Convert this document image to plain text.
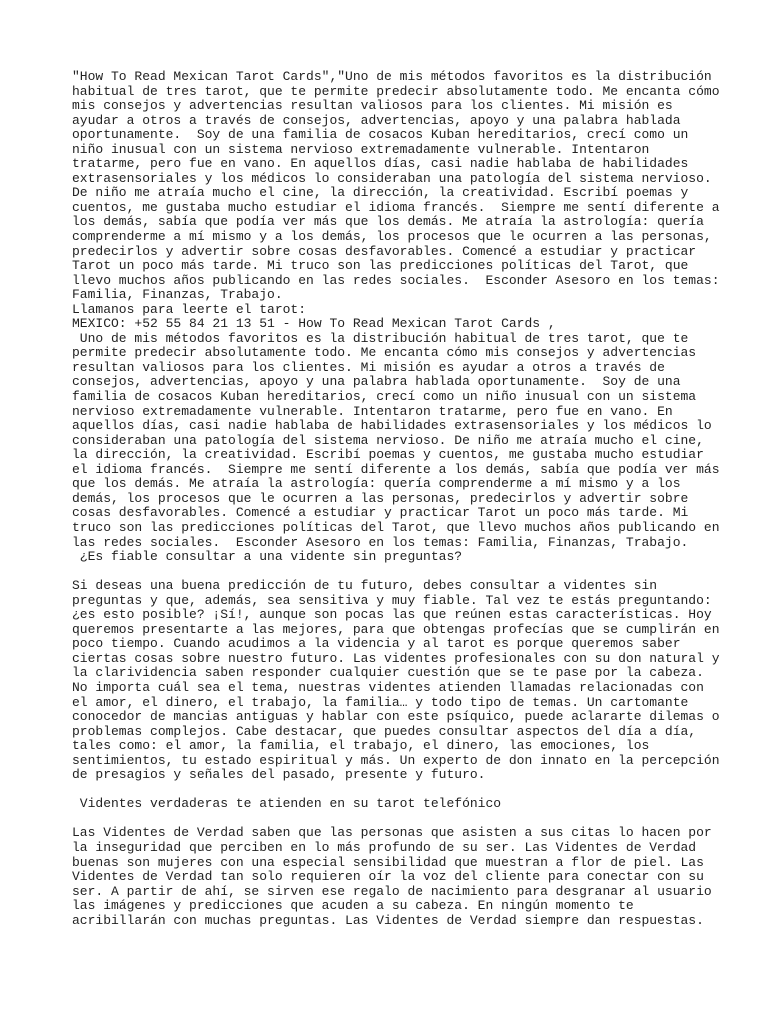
"How To Read Mexican Tarot Cards","Uno de mis métodos favoritos es la distribución
habitual de tres tarot, que te permite predecir absolutamente todo. Me encanta cómo
mis consejos y advertencias resultan valiosos para los clientes. Mi misión es
ayudar a otros a través de consejos, advertencias, apoyo y una palabra hablada
oportunamente.  Soy de una familia de cosacos Kuban hereditarios, crecí como un
niño inusual con un sistema nervioso extremadamente vulnerable. Intentaron
tratarme, pero fue en vano. En aquellos días, casi nadie hablaba de habilidades
extrasensoriales y los médicos lo consideraban una patología del sistema nervioso.
De niño me atraía mucho el cine, la dirección, la creatividad. Escribí poemas y
cuentos, me gustaba mucho estudiar el idioma francés.  Siempre me sentí diferente a
los demás, sabía que podía ver más que los demás. Me atraía la astrología: quería
comprenderme a mí mismo y a los demás, los procesos que le ocurren a las personas,
predecirlos y advertir sobre cosas desfavorables. Comencé a estudiar y practicar
Tarot un poco más tarde. Mi truco son las predicciones políticas del Tarot, que
llevo muchos años publicando en las redes sociales.  Esconder Asesoro en los temas:
Familia, Finanzas, Trabajo.
Llamanos para leerte el tarot:
MEXICO: +52 55 84 21 13 51 - How To Read Mexican Tarot Cards ,
Uno de mis métodos favoritos es la distribución habitual de tres tarot, que te
permite predecir absolutamente todo. Me encanta cómo mis consejos y advertencias
resultan valiosos para los clientes. Mi misión es ayudar a otros a través de
consejos, advertencias, apoyo y una palabra hablada oportunamente.  Soy de una
familia de cosacos Kuban hereditarios, crecí como un niño inusual con un sistema
nervioso extremadamente vulnerable. Intentaron tratarme, pero fue en vano. En
aquellos días, casi nadie hablaba de habilidades extrasensoriales y los médicos lo
consideraban una patología del sistema nervioso. De niño me atraía mucho el cine,
la dirección, la creatividad. Escribí poemas y cuentos, me gustaba mucho estudiar
el idioma francés.  Siempre me sentí diferente a los demás, sabía que podía ver más
que los demás. Me atraía la astrología: quería comprenderme a mí mismo y a los
demás, los procesos que le ocurren a las personas, predecirlos y advertir sobre
cosas desfavorables. Comencé a estudiar y practicar Tarot un poco más tarde. Mi
truco son las predicciones políticas del Tarot, que llevo muchos años publicando en
las redes sociales.  Esconder Asesoro en los temas: Familia, Finanzas, Trabajo.
¿Es fiable consultar a una vidente sin preguntas?
Si deseas una buena predicción de tu futuro, debes consultar a videntes sin
preguntas y que, además, sea sensitiva y muy fiable. Tal vez te estás preguntando:
¿es esto posible? ¡Sí!, aunque son pocas las que reúnen estas características. Hoy
queremos presentarte a las mejores, para que obtengas profecías que se cumplirán en
poco tiempo. Cuando acudimos a la videncia y al tarot es porque queremos saber
ciertas cosas sobre nuestro futuro. Las videntes profesionales con su don natural y
la clarividencia saben responder cualquier cuestión que se te pase por la cabeza.
No importa cuál sea el tema, nuestras videntes atienden llamadas relacionadas con
el amor, el dinero, el trabajo, la familia… y todo tipo de temas. Un cartomante
conocedor de mancias antiguas y hablar con este psíquico, puede aclararte dilemas o
problemas complejos. Cabe destacar, que puedes consultar aspectos del día a día,
tales como: el amor, la familia, el trabajo, el dinero, las emociones, los
sentimientos, tu estado espiritual y más. Un experto de don innato en la percepción
de presagios y señales del pasado, presente y futuro.
Videntes verdaderas te atienden en su tarot telefónico
Las Videntes de Verdad saben que las personas que asisten a sus citas lo hacen por
la inseguridad que perciben en lo más profundo de su ser. Las Videntes de Verdad
buenas son mujeres con una especial sensibilidad que muestran a flor de piel. Las
Videntes de Verdad tan solo requieren oír la voz del cliente para conectar con su
ser. A partir de ahí, se sirven ese regalo de nacimiento para desgranar al usuario
las imágenes y predicciones que acuden a su cabeza. En ningún momento te
acribillarán con muchas preguntas. Las Videntes de Verdad siempre dan respuestas.
